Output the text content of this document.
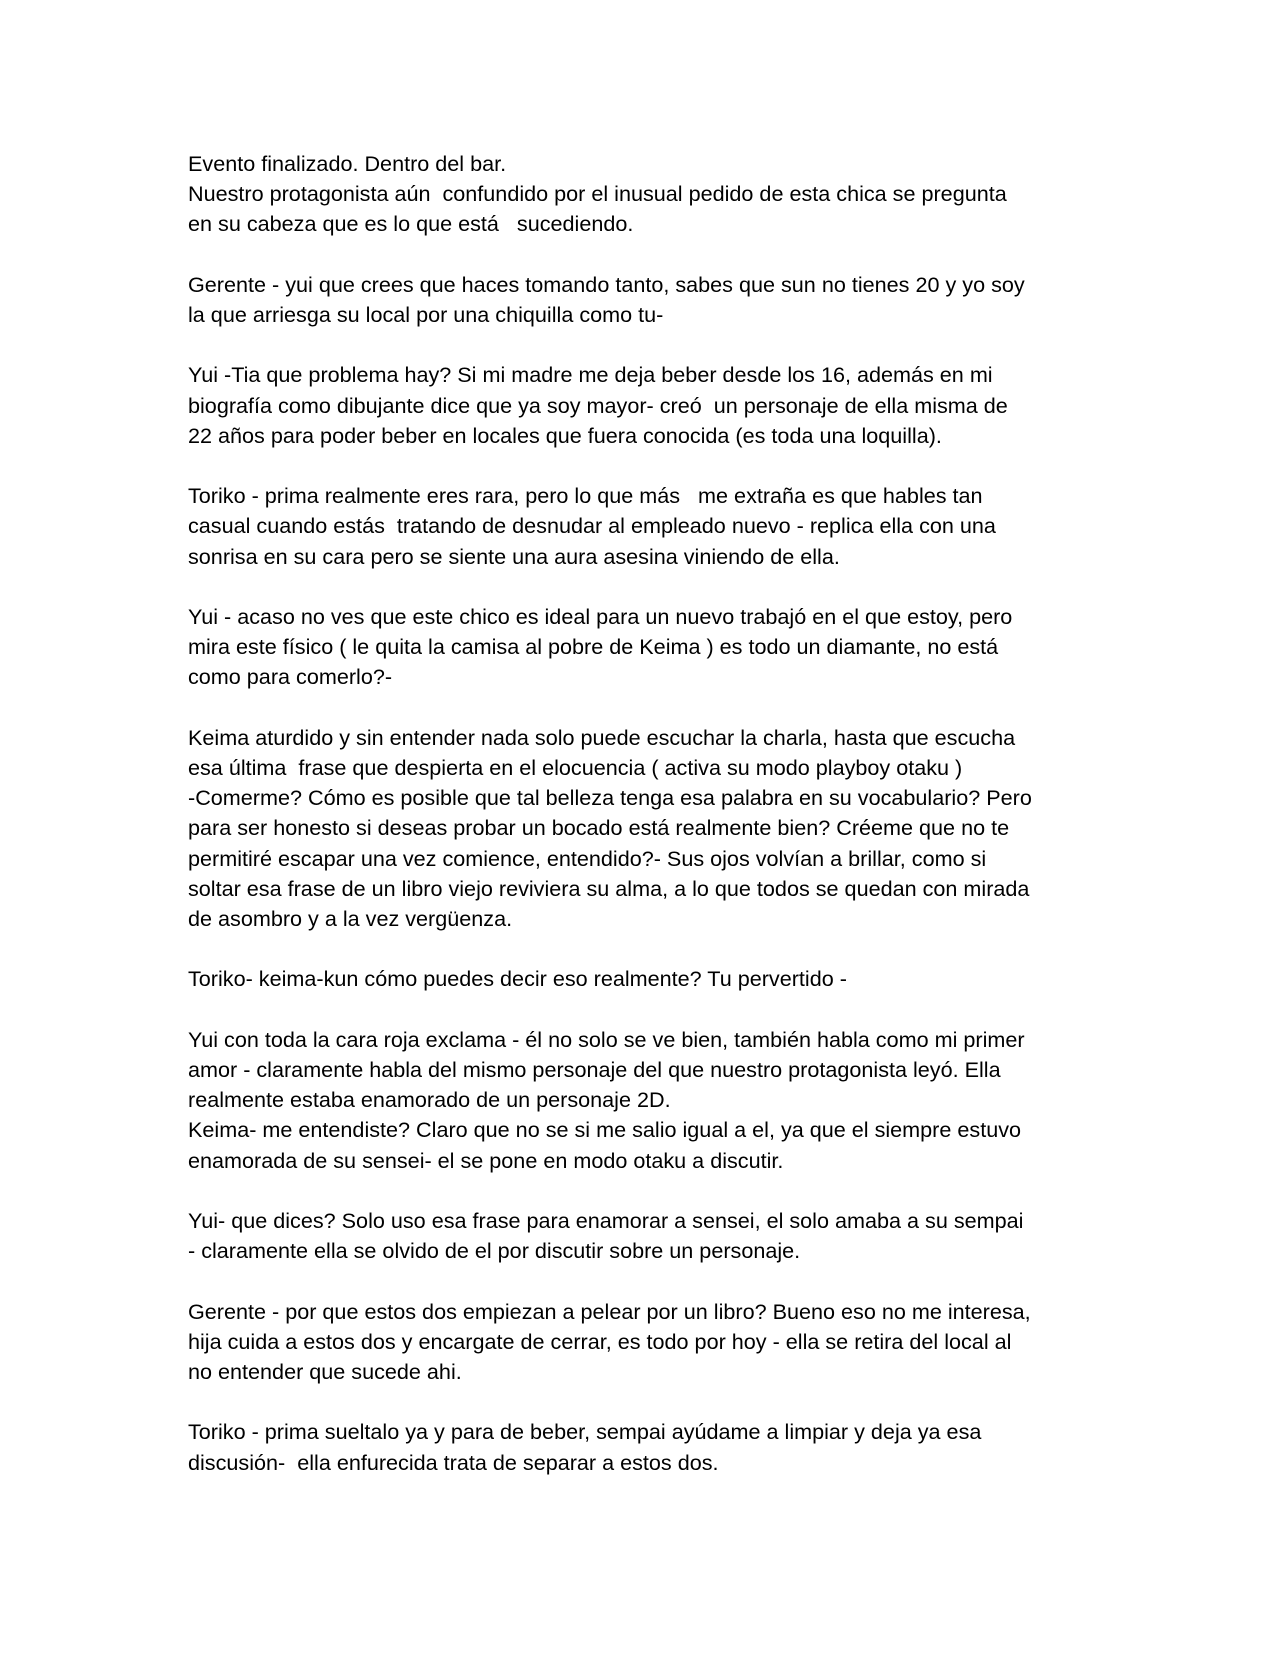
Evento finalizado. Dentro del bar.
Nuestro protagonista aún  confundido por el inusual pedido de esta chica se pregunta
en su cabeza que es lo que está   sucediendo.
Gerente - yui que crees que haces tomando tanto, sabes que sun no tienes 20 y yo soy
la que arriesga su local por una chiquilla como tu-
Yui -Tia que problema hay? Si mi madre me deja beber desde los 16, además en mi
biografía como dibujante dice que ya soy mayor- creó  un personaje de ella misma de
22 años para poder beber en locales que fuera conocida (es toda una loquilla).
Toriko - prima realmente eres rara, pero lo que más   me extraña es que hables tan
casual cuando estás  tratando de desnudar al empleado nuevo - replica ella con una
sonrisa en su cara pero se siente una aura asesina viniendo de ella.
Yui - acaso no ves que este chico es ideal para un nuevo trabajó en el que estoy, pero
mira este físico ( le quita la camisa al pobre de Keima ) es todo un diamante, no está
como para comerlo?-
Keima aturdido y sin entender nada solo puede escuchar la charla, hasta que escucha
esa última  frase que despierta en el elocuencia ( activa su modo playboy otaku )
-Comerme? Cómo es posible que tal belleza tenga esa palabra en su vocabulario? Pero
para ser honesto si deseas probar un bocado está realmente bien? Créeme que no te
permitiré escapar una vez comience, entendido?- Sus ojos volvían a brillar, como si
soltar esa frase de un libro viejo reviviera su alma, a lo que todos se quedan con mirada
de asombro y a la vez vergüenza.
Toriko- keima-kun cómo puedes decir eso realmente? Tu pervertido -
Yui con toda la cara roja exclama - él no solo se ve bien, también habla como mi primer
amor - claramente habla del mismo personaje del que nuestro protagonista leyó. Ella
realmente estaba enamorado de un personaje 2D.
Keima- me entendiste? Claro que no se si me salio igual a el, ya que el siempre estuvo
enamorada de su sensei- el se pone en modo otaku a discutir.
Yui- que dices? Solo uso esa frase para enamorar a sensei, el solo amaba a su sempai
- claramente ella se olvido de el por discutir sobre un personaje.
Gerente - por que estos dos empiezan a pelear por un libro? Bueno eso no me interesa,
hija cuida a estos dos y encargate de cerrar, es todo por hoy - ella se retira del local al
no entender que sucede ahi.
Toriko - prima sueltalo ya y para de beber, sempai ayúdame a limpiar y deja ya esa
discusión-  ella enfurecida trata de separar a estos dos.
